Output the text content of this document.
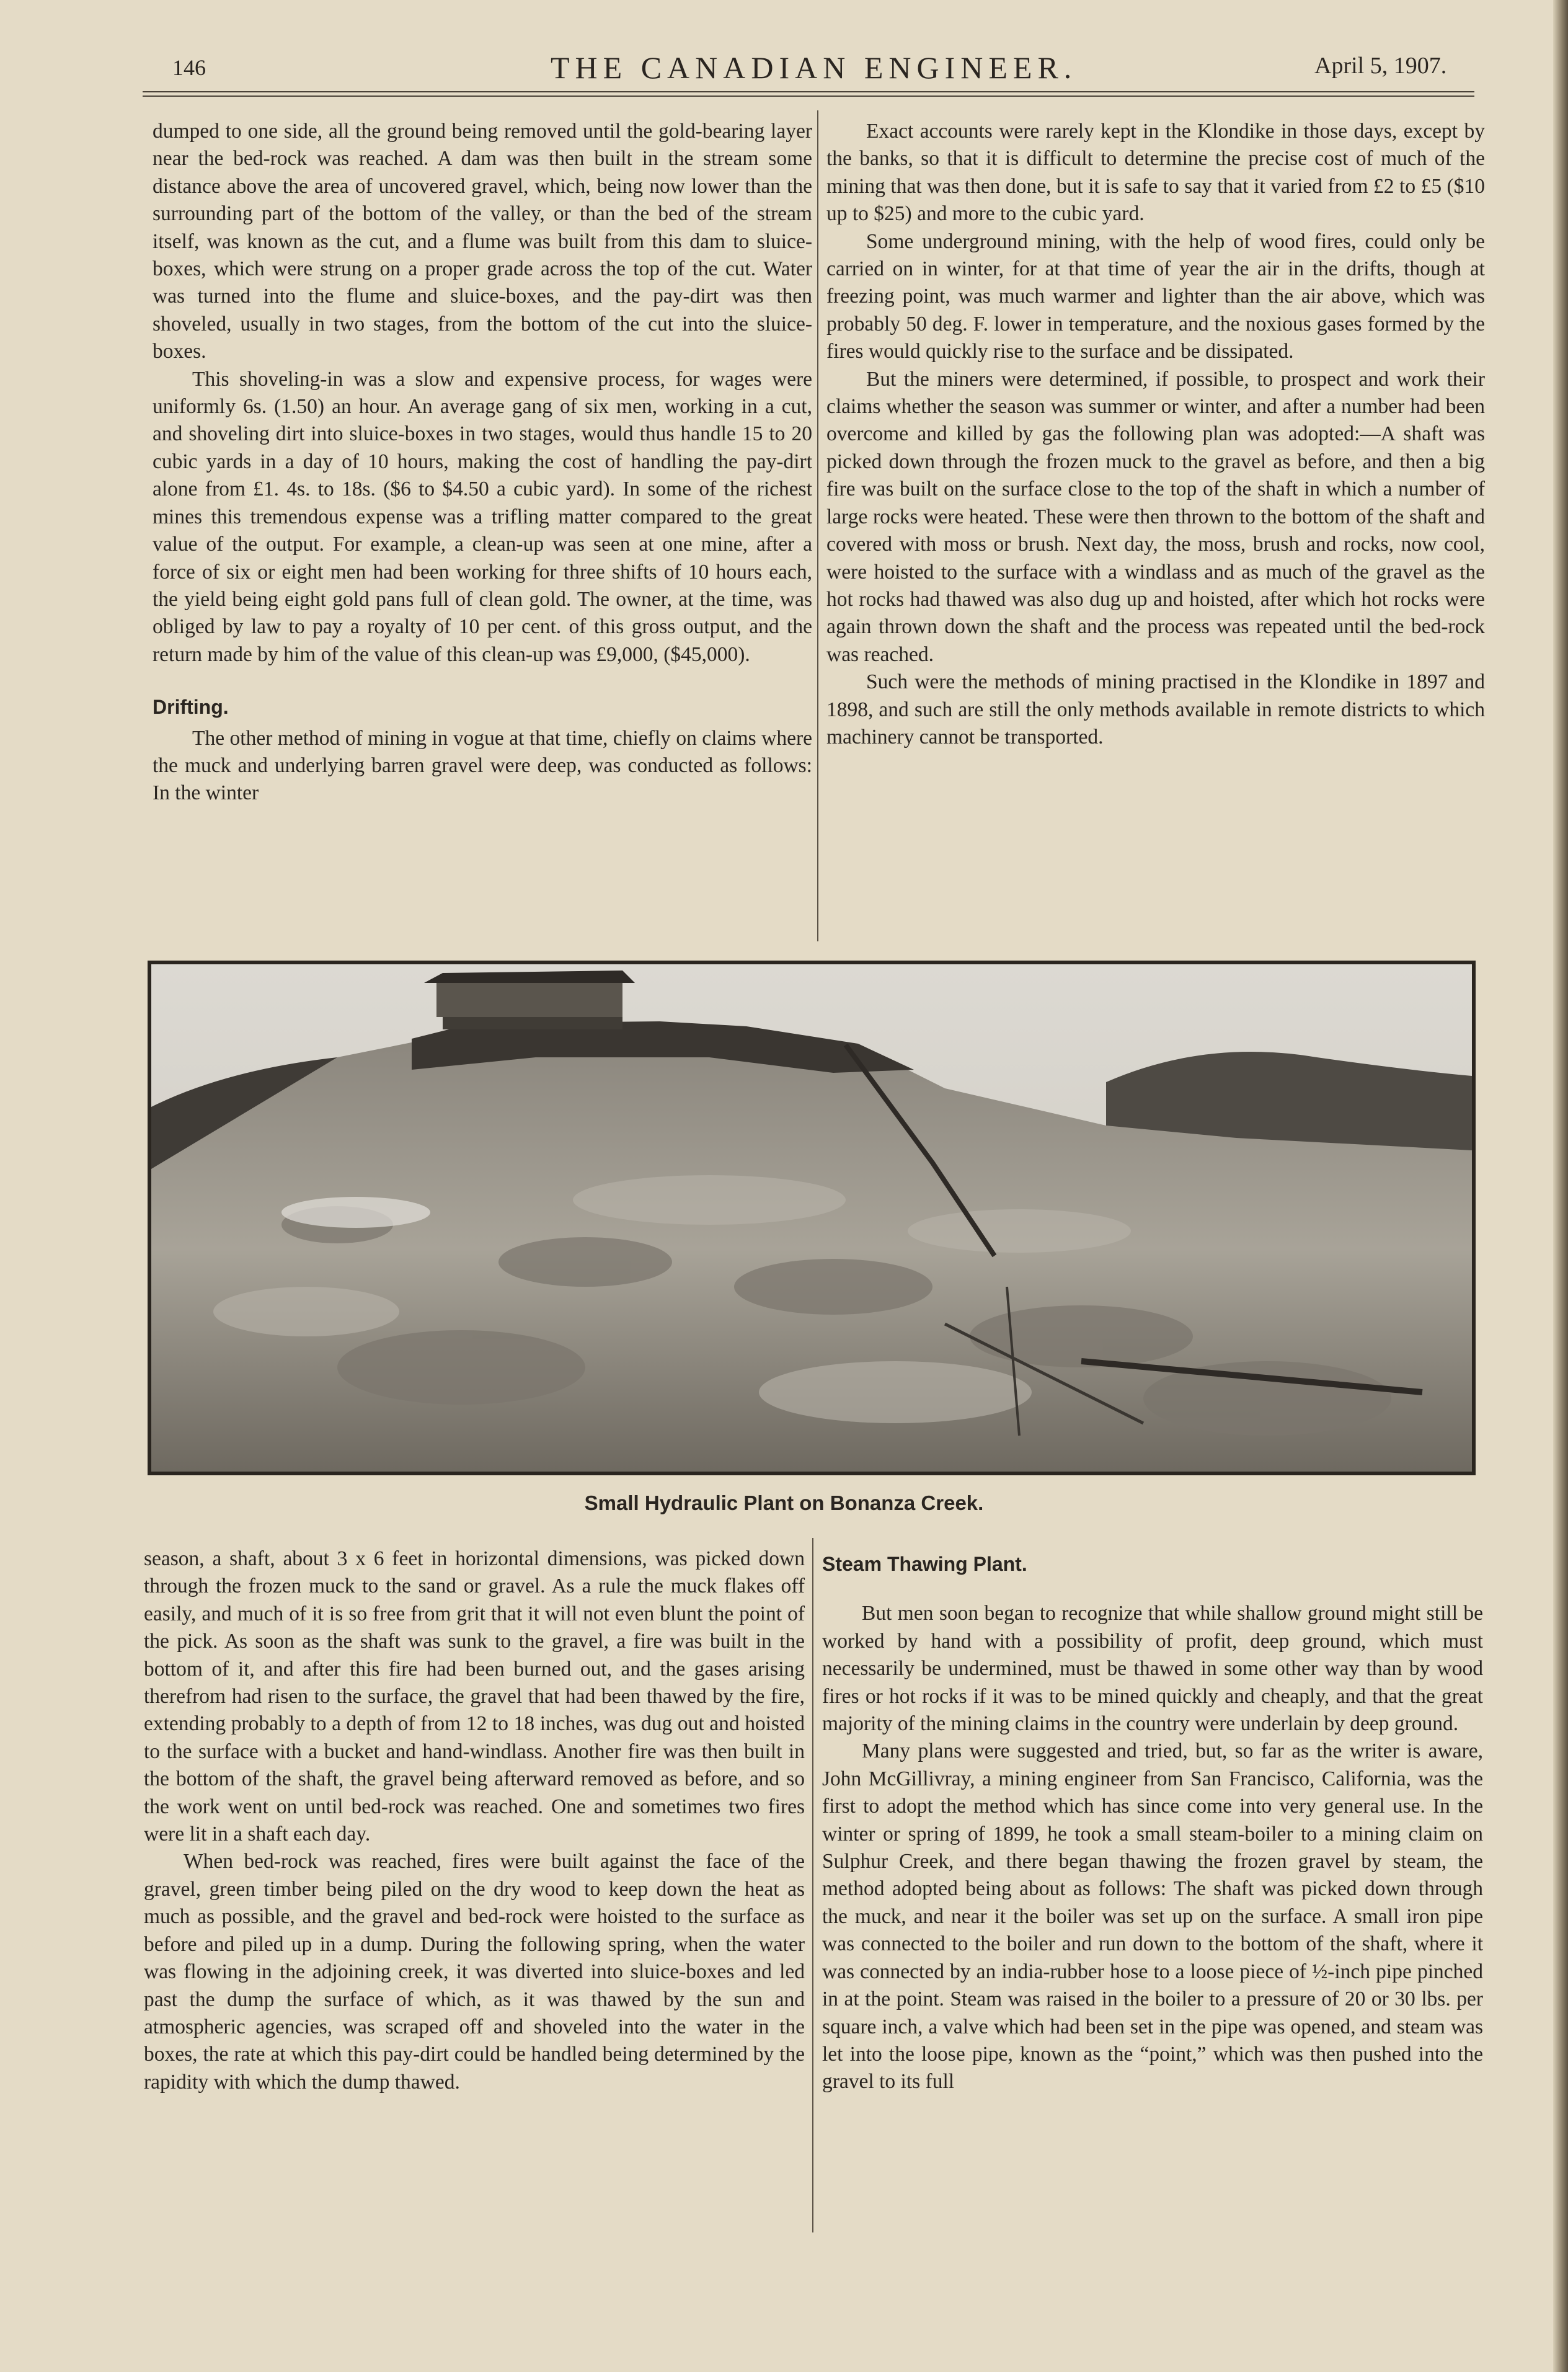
146	THE CANADIAN ENGINEER.	April 5, 1907.

dumped to one side, all the ground being removed until the gold-bearing layer near the bed-rock was reached. A dam was then built in the stream some distance above the area of uncovered gravel, which, being now lower than the surrounding part of the bottom of the valley, or than the bed of the stream itself, was known as the cut, and a flume was built from this dam to sluice-boxes, which were strung on a proper grade across the top of the cut. Water was turned into the flume and sluice-boxes, and the pay-dirt was then shoveled, usually in two stages, from the bottom of the cut into the sluice-boxes.

This shoveling-in was a slow and expensive process, for wages were uniformly 6s. (1.50) an hour. An average gang of six men, working in a cut, and shoveling dirt into sluice-boxes in two stages, would thus handle 15 to 20 cubic yards in a day of 10 hours, making the cost of handling the pay-dirt alone from £1. 4s. to 18s. ($6 to $4.50 a cubic yard). In some of the richest mines this tremendous expense was a trifling matter compared to the great value of the output. For example, a clean-up was seen at one mine, after a force of six or eight men had been working for three shifts of 10 hours each, the yield being eight gold pans full of clean gold. The owner, at the time, was obliged by law to pay a royalty of 10 per cent. of this gross output, and the return made by him of the value of this clean-up was £9,000, ($45,000).

Drifting.

The other method of mining in vogue at that time, chiefly on claims where the muck and underlying barren gravel were deep, was conducted as follows: In the winter

Exact accounts were rarely kept in the Klondike in those days, except by the banks, so that it is difficult to determine the precise cost of much of the mining that was then done, but it is safe to say that it varied from £2 to £5 ($10 up to $25) and more to the cubic yard.

Some underground mining, with the help of wood fires, could only be carried on in winter, for at that time of year the air in the drifts, though at freezing point, was much warmer and lighter than the air above, which was probably 50 deg. F. lower in temperature, and the noxious gases formed by the fires would quickly rise to the surface and be dissipated.

But the miners were determined, if possible, to prospect and work their claims whether the season was summer or winter, and after a number had been overcome and killed by gas the following plan was adopted:—A shaft was picked down through the frozen muck to the gravel as before, and then a big fire was built on the surface close to the top of the shaft in which a number of large rocks were heated. These were then thrown to the bottom of the shaft and covered with moss or brush. Next day, the moss, brush and rocks, now cool, were hoisted to the surface with a windlass and as much of the gravel as the hot rocks had thawed was also dug up and hoisted, after which hot rocks were again thrown down the shaft and the process was repeated until the bed-rock was reached.

Such were the methods of mining practised in the Klondike in 1897 and 1898, and such are still the only methods available in remote districts to which machinery cannot be transported.

Small Hydraulic Plant on Bonanza Creek.

season, a shaft, about 3 x 6 feet in horizontal dimensions, was picked down through the frozen muck to the sand or gravel. As a rule the muck flakes off easily, and much of it is so free from grit that it will not even blunt the point of the pick. As soon as the shaft was sunk to the gravel, a fire was built in the bottom of it, and after this fire had been burned out, and the gases arising therefrom had risen to the surface, the gravel that had been thawed by the fire, extending probably to a depth of from 12 to 18 inches, was dug out and hoisted to the surface with a bucket and hand-windlass. Another fire was then built in the bottom of the shaft, the gravel being afterward removed as before, and so the work went on until bed-rock was reached. One and sometimes two fires were lit in a shaft each day.

When bed-rock was reached, fires were built against the face of the gravel, green timber being piled on the dry wood to keep down the heat as much as possible, and the gravel and bed-rock were hoisted to the surface as before and piled up in a dump. During the following spring, when the water was flowing in the adjoining creek, it was diverted into sluice-boxes and led past the dump the surface of which, as it was thawed by the sun and atmospheric agencies, was scraped off and shoveled into the water in the boxes, the rate at which this pay-dirt could be handled being determined by the rapidity with which the dump thawed.

Steam Thawing Plant.

But men soon began to recognize that while shallow ground might still be worked by hand with a possibility of profit, deep ground, which must necessarily be undermined, must be thawed in some other way than by wood fires or hot rocks if it was to be mined quickly and cheaply, and that the great majority of the mining claims in the country were underlain by deep ground.

Many plans were suggested and tried, but, so far as the writer is aware, John McGillivray, a mining engineer from San Francisco, California, was the first to adopt the method which has since come into very general use. In the winter or spring of 1899, he took a small steam-boiler to a mining claim on Sulphur Creek, and there began thawing the frozen gravel by steam, the method adopted being about as follows: The shaft was picked down through the muck, and near it the boiler was set up on the surface. A small iron pipe was connected to the boiler and run down to the bottom of the shaft, where it was connected by an india-rubber hose to a loose piece of ½-inch pipe pinched in at the point. Steam was raised in the boiler to a pressure of 20 or 30 lbs. per square inch, a valve which had been set in the pipe was opened, and steam was let into the loose pipe, known as the “point,” which was then pushed into the gravel to its full
